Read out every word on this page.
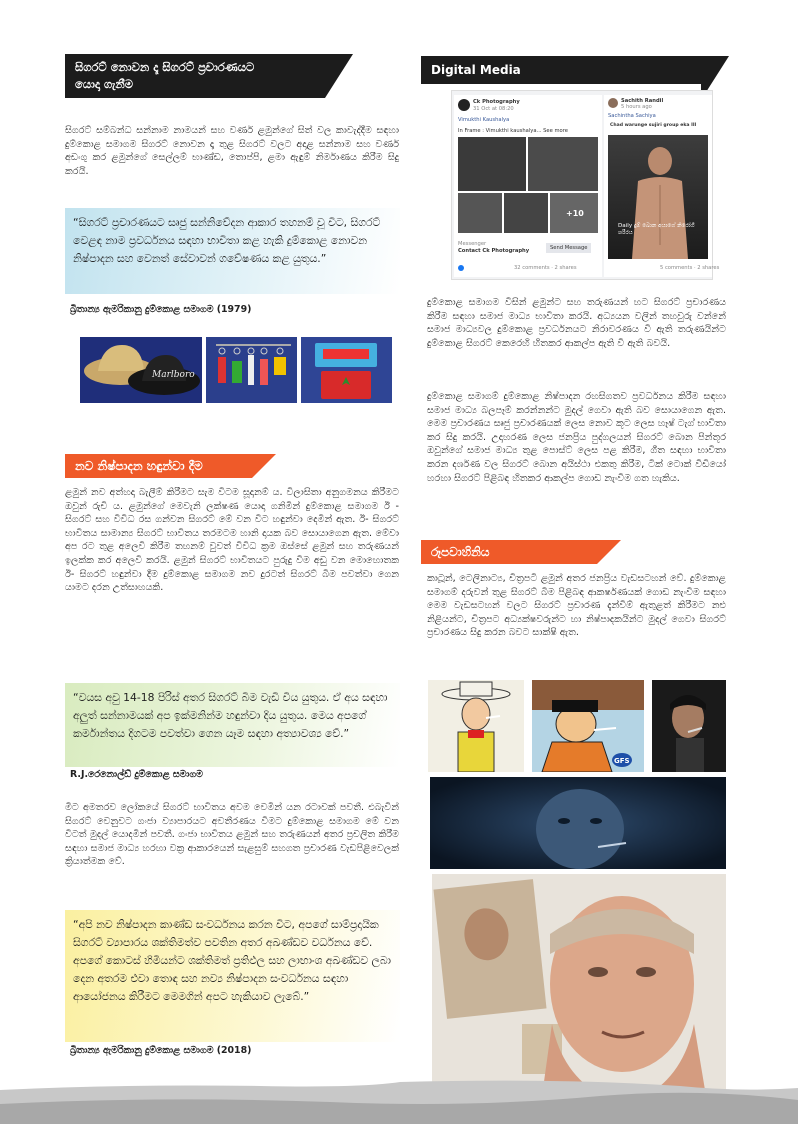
සිගරට් නොවන දෑ සිගරට් ප්‍රචාරණයට
යොදා ගැනීම
සිගරට් සම්බන්ධ සන්නාම නාමයන් සහ වර්ණ ළමුන්ගේ සිත් වල කාවැද්දීම සඳහා දුම්කොළ සමාගම සිගරට් නොවන දෑ තුළ සිගරට් වලට අදාළ සන්නාම සහ වර්ණ අඩංගු කර ළමුන්ගේ සෙල්ලම් භාණ්ඩ, තොප්පි, ළමා ඇඳුම් නිර්මාණය කිරීම සිදු කරයි.
“සිගරට් ප්‍රචාරණයට සෘජු සන්නිවේදන ආකාර තහනම් වූ විට, සිගරට් වෙළඳ නාම ප්‍රවර්ධනය සඳහා භාවිතා කළ හැකි දුම්කොළ නොවන නිෂ්පාදන සහ වෙනත් සේවාවන් ගවේෂණය කළ යුතුය.”
බ්‍රිතාන්‍ය ඇමරිකානු දුම්කොළ සමාගම (1979)
Marlboro
නව නිෂ්පාදන හඳුන්වා දීම
ළමුන් නව අත්හදා බැලීම් කිරීමට සැම විටම සූදානම් ය. විලාසිතා අනුගමනය කිරීමට ඔවුන් රුචි ය. ළමුන්ගේ මෙවැනි ලක්ෂණ යොදා ගනිමින් දුම්කොළ සමාගම ඊ - සිගරට් සහ විවිධ රස ගන්වන සිගරට් මේ වන විට හඳුන්වා දෙමින් ඇත. ඊ- සිගරට් භාවිතය සාමාන්‍ය සිගරට් භාවිතය තරමටම හානි දායක බව සොයාගෙන ඇත. මේවා අප රට තුළ අලෙවි කිරීම තහනම් වුවත් විවිධ ක්‍රම ඔස්සේ ළමුන් සහ තරුණයන් ඉලක්ක කර අලෙවි කරයි. ළමුන් සිගරට් භාවිතයට පුරුදු වීම අඩු වන මොහොතක ඊ- සිගරට් හඳුන්වා දීම දුම්කොළ සමාගම නව දුරටත් සිගරට් බීම පවත්වා ගෙන යාමට දරන උත්සාහයකි.
“වයස අවු 14-18 පිරිස් අතර සිගරට් බීම වැඩි විය යුතුය. ඒ අය සඳහා අලුත් සන්නාමයක් අප ඉක්මනින්ම හඳුන්වා දිය යුතුය. මෙය අපගේ කර්මාන්තය දිගටම පවත්වා ගෙන යෑම සඳහා අත්‍යාවශ්‍ය වේ.”
R.J.රෙනොල්ඩ් දුම්කොළ සමාගම
මීට අමතරව ලෝකයේ සිගරට් භාවිතය අවම වෙමින් යන රටාවක් පවතී. එබැවින් සිගරට් වෙනුවට ගංජා ව්‍යාපාරයට අවතීරණය වීමට දුම්කොළ සමාගම මේ වන විටත් මුදල් යොදමින් පවතී. ගංජා භාවිතය ළමුන් සහ තරුණයන් අතර ප්‍රචලිත කිරීම සඳහා සමාජ මාධ්‍ය හරහා වක්‍ර ආකාරයෙන් සැළසුම් සහගත ප්‍රචාරණ වැඩපිළිවෙලක් ක්‍රියාත්මක වේ.
“අපි නව නිෂ්පාදන කාණ්ඩ සංවර්ධනය කරන විට, අපගේ සාම්ප්‍රදායික සිගරට් ව්‍යාපාරය ශක්තිමත්ව පවතින අතර අඛණ්ඩව වර්ධනය වේ. අපගේ කොටස් හිමියන්ට ශක්තිමත් ප්‍රතිඵල සහ ලාභාංශ අඛණ්ඩව ලබා දෙන අතරම එවා තොඳ සහ නව්‍ය නිෂ්පාදන සංවර්ධනය සඳහා ආයෝජනය කිරීමට මෙමගින් අපට හැකියාව ලැබේ.”
බ්‍රිතාන්‍ය ඇමරිකානු දුම්කොළ සමාගම (2018)
Digital Media
Ck Photography
31 Oct at 08:20
Vimukthi Kaushalya
In Frame : Vimukthi kaushalya... See more
+10
Messenger
Contact Ck Photography	Send Message
32 comments · 2 shares
Sachith Randil
5 hours ago
Sachintha Sachiya
Chad warunge sujiri group eka III
Daily දුම් බොන අයාගේ නිරෝගී ශරීරය
5 comments · 2 shares
දුම්කොළ සමාගම විසින් ළමුන්ට සහ තරුණයන් හට සිගරට් ප්‍රචාරණය කිරීම සඳහා සමාජ මාධ්‍ය භාවිතා කරයි. අධ්‍යයන වලින් තහවුරු වන්නේ සමාජ මාධ්‍යවල දුම්කොළ ප්‍රවර්ධනයට නිරාවරණය වී ඇති තරුණයින්ට දුම්කොළ සිගරට් කෙරෙහි හිතකර ආකල්ප ඇති වී ඇති බවයි.
දුම්කොළ සමාගම් දුම්කොළ නිෂ්පාදන රහසිගතව ප්‍රවර්ධනය කිරීම සඳහා සමාජ මාධ්‍ය බලපෑම් කරන්නන්ට මුදල් ගෙවා ඇති බව සොයාගෙන ඇත. මෙම ප්‍රචාරණය සෘජු ප්‍රචාරණයක් ලෙස නොව කූට ලෙස හෑෂ් ටැග් භාවිතා කර සිදු කරයි. උදාහරණ ලෙස ජනප්‍රිය පුද්ගලයන් සිගරට් බොන පින්තූර ඔවුන්ගේ සමාජ මාධ්‍ය තුළ පොස්ට් ලෙස පළ කිරීම, ගීත සඳහා භාවිතා කරන දර්ශණ වල සිගරට් බොන අයිස්ථා එකතු කිරීම, ටික් ටොක් වීඩියෝ හරහා සිගරට් පිළිබඳ හිතකර ආකල්ප ගොඩ නැංවීම ගත හැකිය.
රූපවාහිනිය
කාටූන්, ටෙලිනාට්‍ය, චිත්‍රපටි ළමුන් අතර ජනප්‍රිය වැඩසටහන් වේ. දුම්කොළ සමාගම් දරුවන් තුළ සිගරට් බීම පිළිබඳ ආකර්ෂණයක් ගොඩ නැංවීම සඳහා මෙම වැඩසටහන් වලට සිගරට් ප්‍රචාරණ දැන්වීම් ඇතුළත් කිරීමට නළු නිළියන්ට, චිත්‍රපට අධ්‍යක්ෂවරුන්ට හා නිෂ්පාදකයින්ට මුදල් ගෙවා සිගරට් ප්‍රචාරණය සිදු කරන බවට සාක්ෂි ඇත.
GFS
